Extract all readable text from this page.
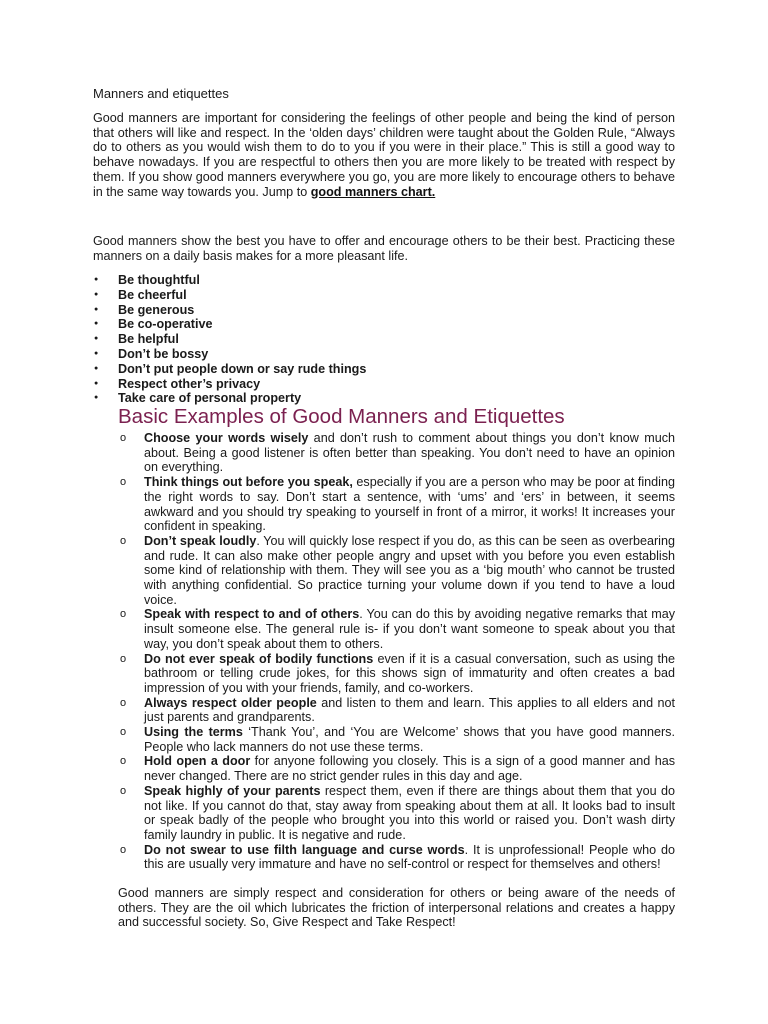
Manners and etiquettes

Good manners are important for considering the feelings of other people and being the kind of person that others will like and respect. In the ‘olden days’ children were taught about the Golden Rule, “Always do to others as you would wish them to do to you if you were in their place.” This is still a good way to behave nowadays. If you are respectful to others then you are more likely to be treated with respect by them. If you show good manners everywhere you go, you are more likely to encourage others to behave in the same way towards you. Jump to good manners chart.

Good manners show the best you have to offer and encourage others to be their best. Practicing these manners on a daily basis makes for a more pleasant life.

● Be thoughtful
● Be cheerful
● Be generous
● Be co-operative
● Be helpful
● Don’t be bossy
● Don’t put people down or say rude things
● Respect other’s privacy
● Take care of personal property
Basic Examples of Good Manners and Etiquettes
o Choose your words wisely and don’t rush to comment about things you don’t know much about. Being a good listener is often better than speaking. You don’t need to have an opinion on everything.
o Think things out before you speak, especially if you are a person who may be poor at finding the right words to say. Don’t start a sentence, with ‘ums’ and ‘ers’ in between, it seems awkward and you should try speaking to yourself in front of a mirror, it works! It increases your confident in speaking.
o Don’t speak loudly. You will quickly lose respect if you do, as this can be seen as overbearing and rude. It can also make other people angry and upset with you before you even establish some kind of relationship with them. They will see you as a ‘big mouth’ who cannot be trusted with anything confidential. So practice turning your volume down if you tend to have a loud voice.
o Speak with respect to and of others. You can do this by avoiding negative remarks that may insult someone else. The general rule is- if you don’t want someone to speak about you that way, you don’t speak about them to others.
o Do not ever speak of bodily functions even if it is a casual conversation, such as using the bathroom or telling crude jokes, for this shows sign of immaturity and often creates a bad impression of you with your friends, family, and co-workers.
o Always respect older people and listen to them and learn. This applies to all elders and not just parents and grandparents.
o Using the terms ‘Thank You’, and ‘You are Welcome’ shows that you have good manners. People who lack manners do not use these terms.
o Hold open a door for anyone following you closely. This is a sign of a good manner and has never changed. There are no strict gender rules in this day and age.
o Speak highly of your parents respect them, even if there are things about them that you do not like. If you cannot do that, stay away from speaking about them at all. It looks bad to insult or speak badly of the people who brought you into this world or raised you. Don’t wash dirty family laundry in public. It is negative and rude.
o Do not swear to use filth language and curse words. It is unprofessional! People who do this are usually very immature and have no self-control or respect for themselves and others!

Good manners are simply respect and consideration for others or being aware of the needs of others. They are the oil which lubricates the friction of interpersonal relations and creates a happy and successful society. So, Give Respect and Take Respect!
